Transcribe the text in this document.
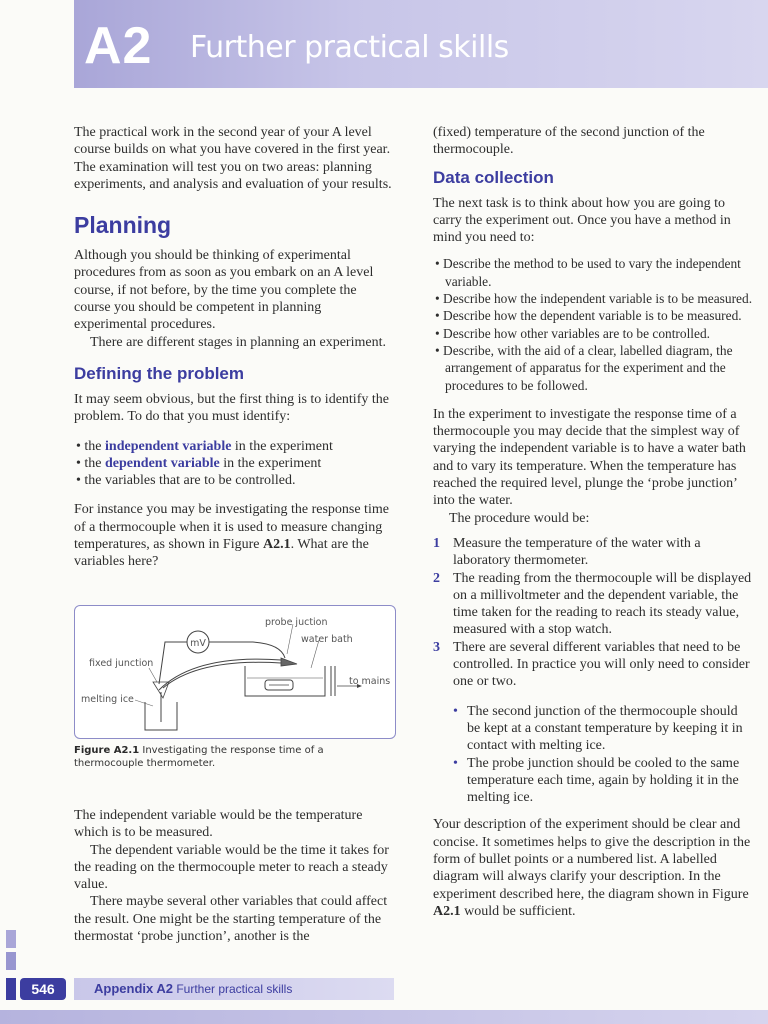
A2 Further practical skills

The practical work in the second year of your A level course builds on what you have covered in the first year. The examination will test you on two areas: planning experiments, and analysis and evaluation of your results.

Planning

Although you should be thinking of experimental procedures from as soon as you embark on an A level course, if not before, by the time you complete the course you should be competent in planning experimental procedures.

There are different stages in planning an experiment.

Defining the problem

It may seem obvious, but the first thing is to identify the problem. To do that you must identify:

• the independent variable in the experiment
• the dependent variable in the experiment
• the variables that are to be controlled.

For instance you may be investigating the response time of a thermocouple when it is used to measure changing temperatures, as shown in Figure A2.1. What are the variables here?

mV
probe juction
water bath
fixed junction
melting ice
to mains
Figure A2.1 Investigating the response time of a thermocouple thermometer.

The independent variable would be the temperature which is to be measured.

The dependent variable would be the time it takes for the reading on the thermocouple meter to reach a steady value.

There maybe several other variables that could affect the result. One might be the starting temperature of the thermostat ‘probe junction’, another is the

(fixed) temperature of the second junction of the thermocouple.

Data collection

The next task is to think about how you are going to carry the experiment out. Once you have a method in mind you need to:

• Describe the method to be used to vary the independent variable.
• Describe how the independent variable is to be measured.
• Describe how the dependent variable is to be measured.
• Describe how other variables are to be controlled.
• Describe, with the aid of a clear, labelled diagram, the arrangement of apparatus for the experiment and the procedures to be followed.

In the experiment to investigate the response time of a thermocouple you may decide that the simplest way of varying the independent variable is to have a water bath and to vary its temperature. When the temperature has reached the required level, plunge the ‘probe junction’ into the water.

The procedure would be:

1 Measure the temperature of the water with a laboratory thermometer.
2 The reading from the thermocouple will be displayed on a millivoltmeter and the dependent variable, the time taken for the reading to reach its steady value, measured with a stop watch.
3 There are several different variables that need to be controlled. In practice you will only need to consider one or two.
• The second junction of the thermocouple should be kept at a constant temperature by keeping it in contact with melting ice.
• The probe junction should be cooled to the same temperature each time, again by holding it in the melting ice.

Your description of the experiment should be clear and concise. It sometimes helps to give the description in the form of bullet points or a numbered list. A labelled diagram will always clarify your description. In the experiment described here, the diagram shown in Figure A2.1 would be sufficient.

546	Appendix A2 Further practical skills
